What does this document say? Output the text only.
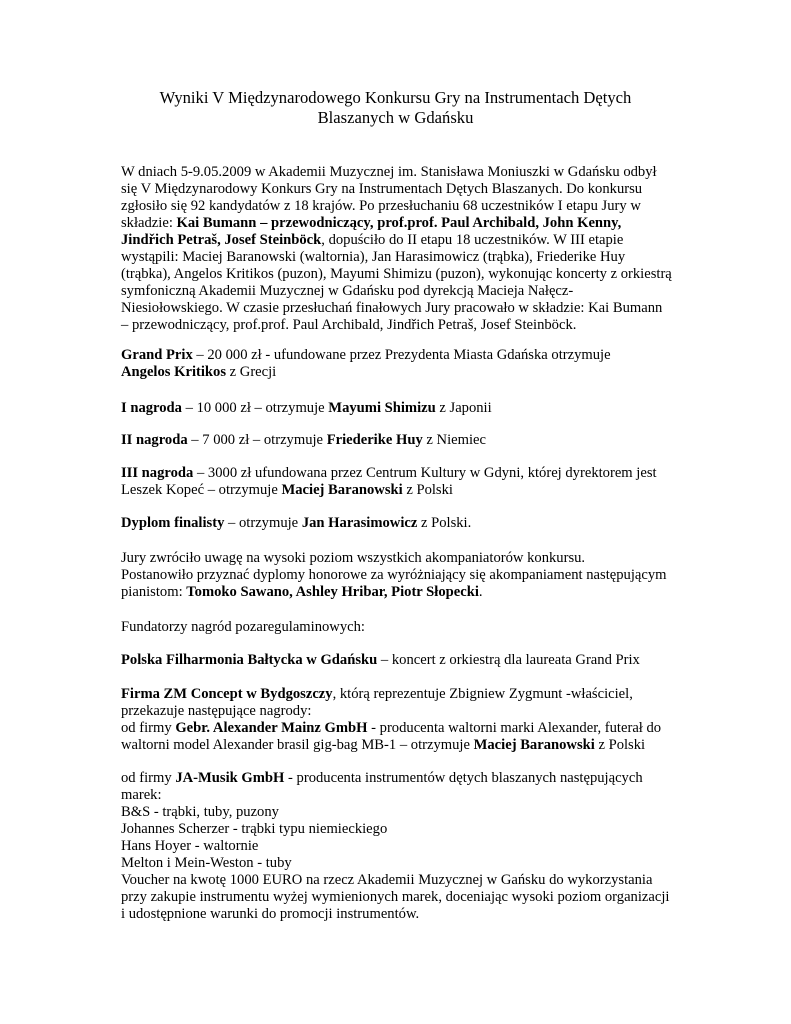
Wyniki V Międzynarodowego Konkursu Gry na Instrumentach Dętych
Blaszanych w Gdańsku
W dniach 5-9.05.2009 w Akademii Muzycznej im. Stanisława Moniuszki w Gdańsku odbył
się V Międzynarodowy Konkurs Gry na Instrumentach Dętych Blaszanych. Do konkursu
zgłosiło się 92 kandydatów z 18 krajów. Po przesłuchaniu 68 uczestników I etapu Jury w
składzie: Kai Bumann – przewodniczący, prof.prof. Paul Archibald, John Kenny,
Jindřich Petraš, Josef Steinböck, dopuściło do II etapu 18 uczestników. W III etapie
wystąpili: Maciej Baranowski (waltornia), Jan Harasimowicz (trąbka), Friederike Huy
(trąbka), Angelos Kritikos (puzon), Mayumi Shimizu (puzon), wykonując koncerty z orkiestrą
symfoniczną Akademii Muzycznej w Gdańsku pod dyrekcją Macieja Nałęcz-
Niesiołowskiego. W czasie przesłuchań finałowych Jury pracowało w składzie: Kai Bumann
– przewodniczący, prof.prof. Paul Archibald, Jindřich Petraš, Josef Steinböck.
Grand Prix – 20 000 zł - ufundowane przez Prezydenta Miasta Gdańska otrzymuje
Angelos Kritikos z Grecji
I nagroda – 10 000 zł – otrzymuje Mayumi Shimizu z Japonii
II nagroda – 7 000 zł – otrzymuje Friederike Huy z Niemiec
III nagroda – 3000 zł ufundowana przez Centrum Kultury w Gdyni, której dyrektorem jest
Leszek Kopeć – otrzymuje Maciej Baranowski z Polski
Dyplom finalisty – otrzymuje Jan Harasimowicz z Polski.
Jury zwróciło uwagę na wysoki poziom wszystkich akompaniatorów konkursu.
Postanowiło przyznać dyplomy honorowe za wyróżniający się akompaniament następującym
pianistom: Tomoko Sawano, Ashley Hribar, Piotr Słopecki.
Fundatorzy nagród pozaregulaminowych:
Polska Filharmonia Bałtycka w Gdańsku – koncert z orkiestrą dla laureata Grand Prix
Firma ZM Concept w Bydgoszczy, którą reprezentuje Zbigniew Zygmunt -właściciel,
przekazuje następujące nagrody:
od firmy Gebr. Alexander Mainz GmbH - producenta waltorni marki Alexander, futerał do
waltorni model Alexander brasil gig-bag MB-1 – otrzymuje Maciej Baranowski z Polski
od firmy JA-Musik GmbH - producenta instrumentów dętych blaszanych następujących
marek:
B&S - trąbki, tuby, puzony
Johannes Scherzer - trąbki typu niemieckiego
Hans Hoyer - waltornie
Melton i Mein-Weston - tuby
Voucher na kwotę 1000 EURO na rzecz Akademii Muzycznej w Gańsku do wykorzystania
przy zakupie instrumentu wyżej wymienionych marek, doceniając wysoki poziom organizacji
i udostępnione warunki do promocji instrumentów.
